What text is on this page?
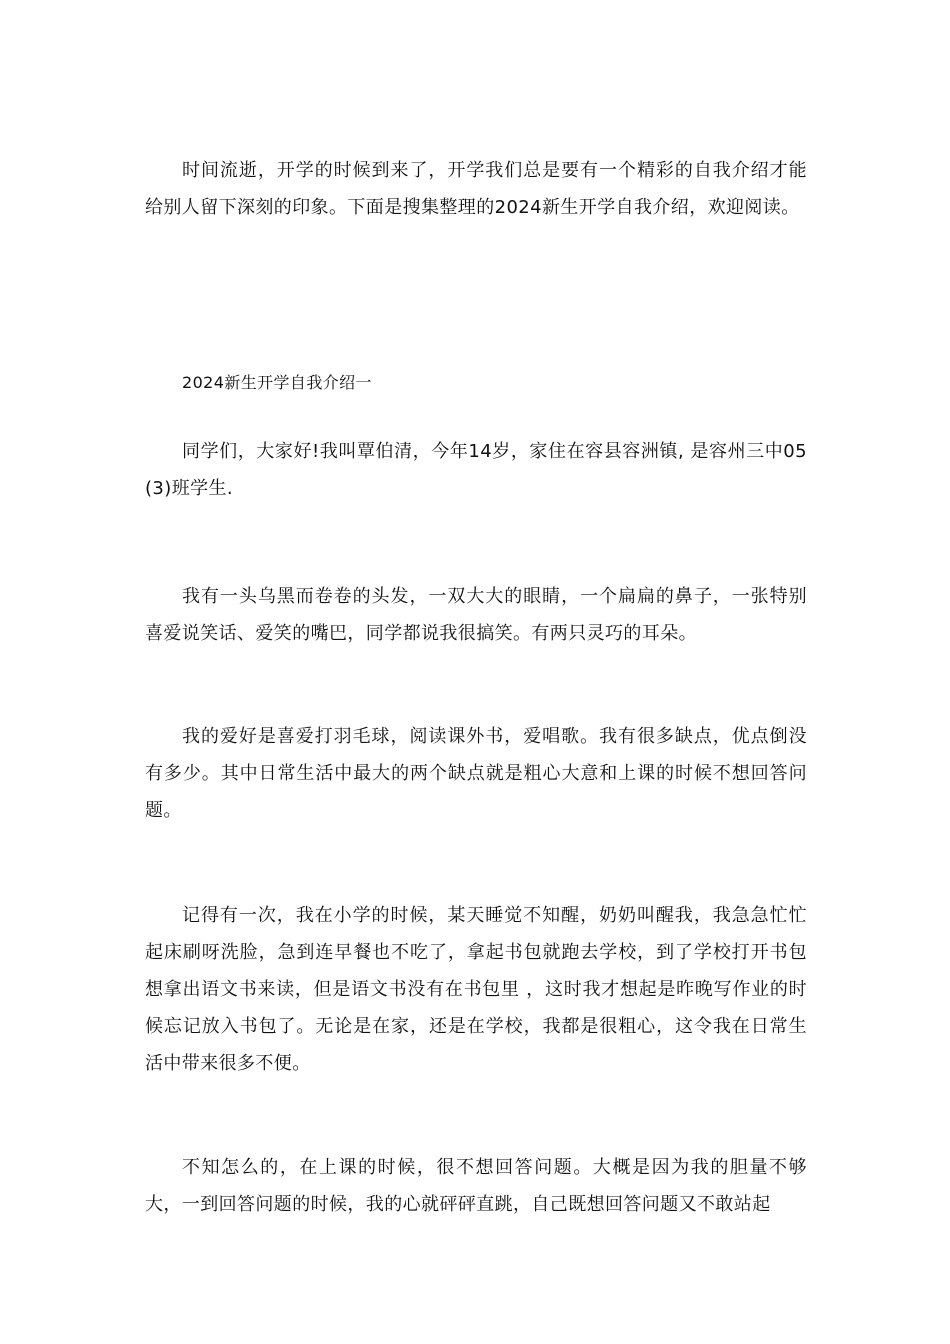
时间流逝，开学的时候到来了，开学我们总是要有一个精彩的自我介绍才能给别人留下深刻的印象。下面是搜集整理的2024新生开学自我介绍，欢迎阅读。

2024新生开学自我介绍一

同学们，大家好!我叫覃伯清，今年14岁，家住在容县容洲镇, 是容州三中05(3)班学生.

我有一头乌黑而卷卷的头发，一双大大的眼睛，一个扁扁的鼻子，一张特别喜爱说笑话、爱笑的嘴巴，同学都说我很搞笑。有两只灵巧的耳朵。

我的爱好是喜爱打羽毛球，阅读课外书，爱唱歌。我有很多缺点，优点倒没有多少。其中日常生活中最大的两个缺点就是粗心大意和上课的时候不想回答问题。

记得有一次，我在小学的时候，某天睡觉不知醒，奶奶叫醒我，我急急忙忙起床刷呀洗脸，急到连早餐也不吃了，拿起书包就跑去学校，到了学校打开书包想拿出语文书来读，但是语文书没有在书包里 ，这时我才想起是昨晚写作业的时候忘记放入书包了。无论是在家，还是在学校，我都是很粗心，这令我在日常生活中带来很多不便。

不知怎么的，在上课的时候，很不想回答问题。大概是因为我的胆量不够大，一到回答问题的时候，我的心就砰砰直跳，自己既想回答问题又不敢站起
